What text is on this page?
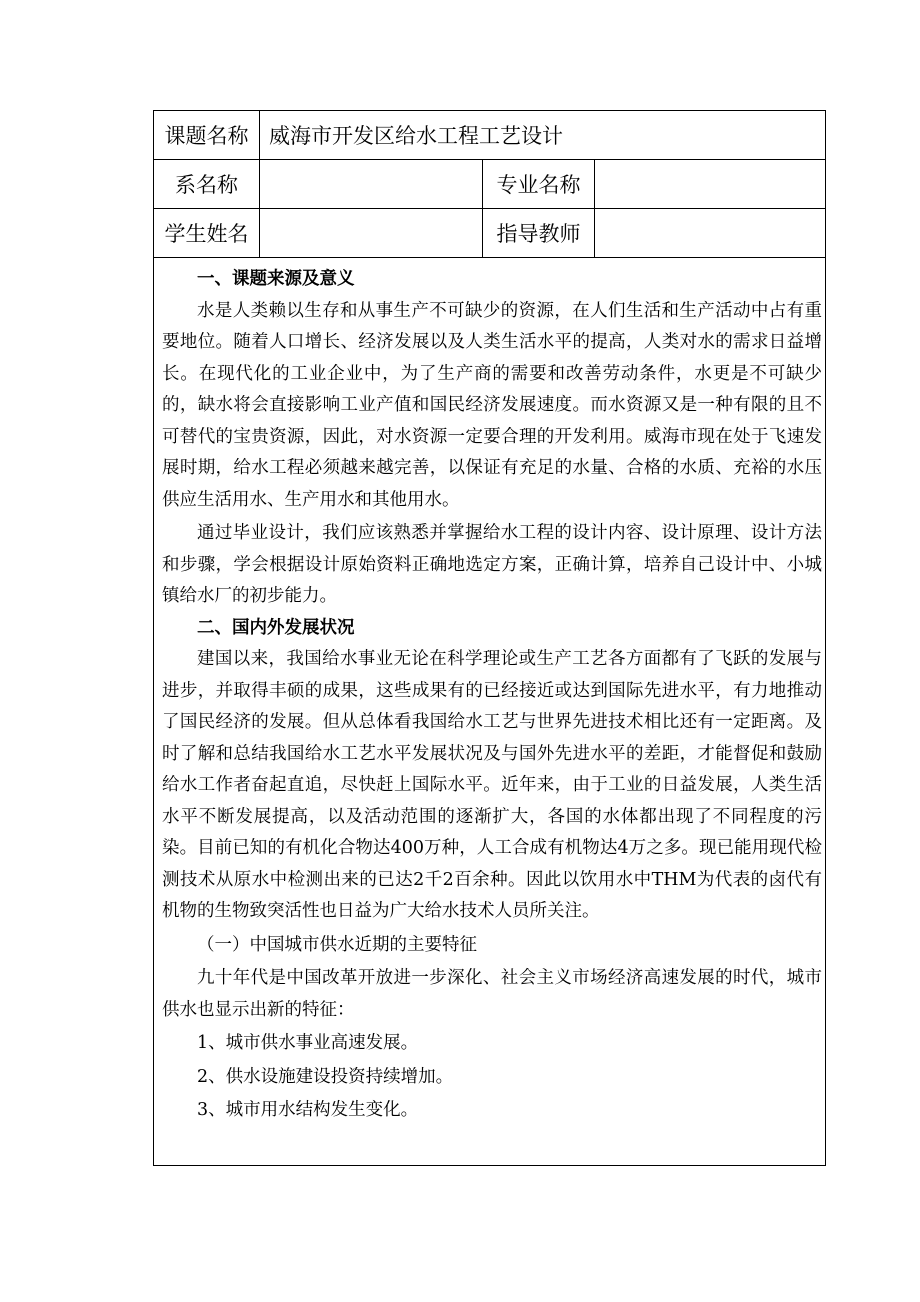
课题名称 威海市开发区给水工程工艺设计
系名称	专业名称
学生姓名	指导教师

一、课题来源及意义

水是人类赖以生存和从事生产不可缺少的资源，在人们生活和生产活动中占有重要地位。随着人口增长、经济发展以及人类生活水平的提高，人类对水的需求日益增长。在现代化的工业企业中，为了生产商的需要和改善劳动条件，水更是不可缺少的，缺水将会直接影响工业产值和国民经济发展速度。而水资源又是一种有限的且不可替代的宝贵资源，因此，对水资源一定要合理的开发利用。威海市现在处于飞速发展时期，给水工程必须越来越完善，以保证有充足的水量、合格的水质、充裕的水压供应生活用水、生产用水和其他用水。

通过毕业设计，我们应该熟悉并掌握给水工程的设计内容、设计原理、设计方法和步骤，学会根据设计原始资料正确地选定方案，正确计算，培养自己设计中、小城镇给水厂的初步能力。

二、国内外发展状况

建国以来，我国给水事业无论在科学理论或生产工艺各方面都有了飞跃的发展与进步，并取得丰硕的成果，这些成果有的已经接近或达到国际先进水平，有力地推动了国民经济的发展。但从总体看我国给水工艺与世界先进技术相比还有一定距离。及时了解和总结我国给水工艺水平发展状况及与国外先进水平的差距，才能督促和鼓励给水工作者奋起直追，尽快赶上国际水平。近年来，由于工业的日益发展，人类生活水平不断发展提高，以及活动范围的逐渐扩大，各国的水体都出现了不同程度的污染。目前已知的有机化合物达400万种，人工合成有机物达4万之多。现已能用现代检测技术从原水中检测出来的已达2千2百余种。因此以饮用水中THM为代表的卤代有机物的生物致突活性也日益为广大给水技术人员所关注。

（一）中国城市供水近期的主要特征

九十年代是中国改革开放进一步深化、社会主义市场经济高速发展的时代，城市供水也显示出新的特征：

1、城市供水事业高速发展。

2、供水设施建设投资持续增加。

3、城市用水结构发生变化。
